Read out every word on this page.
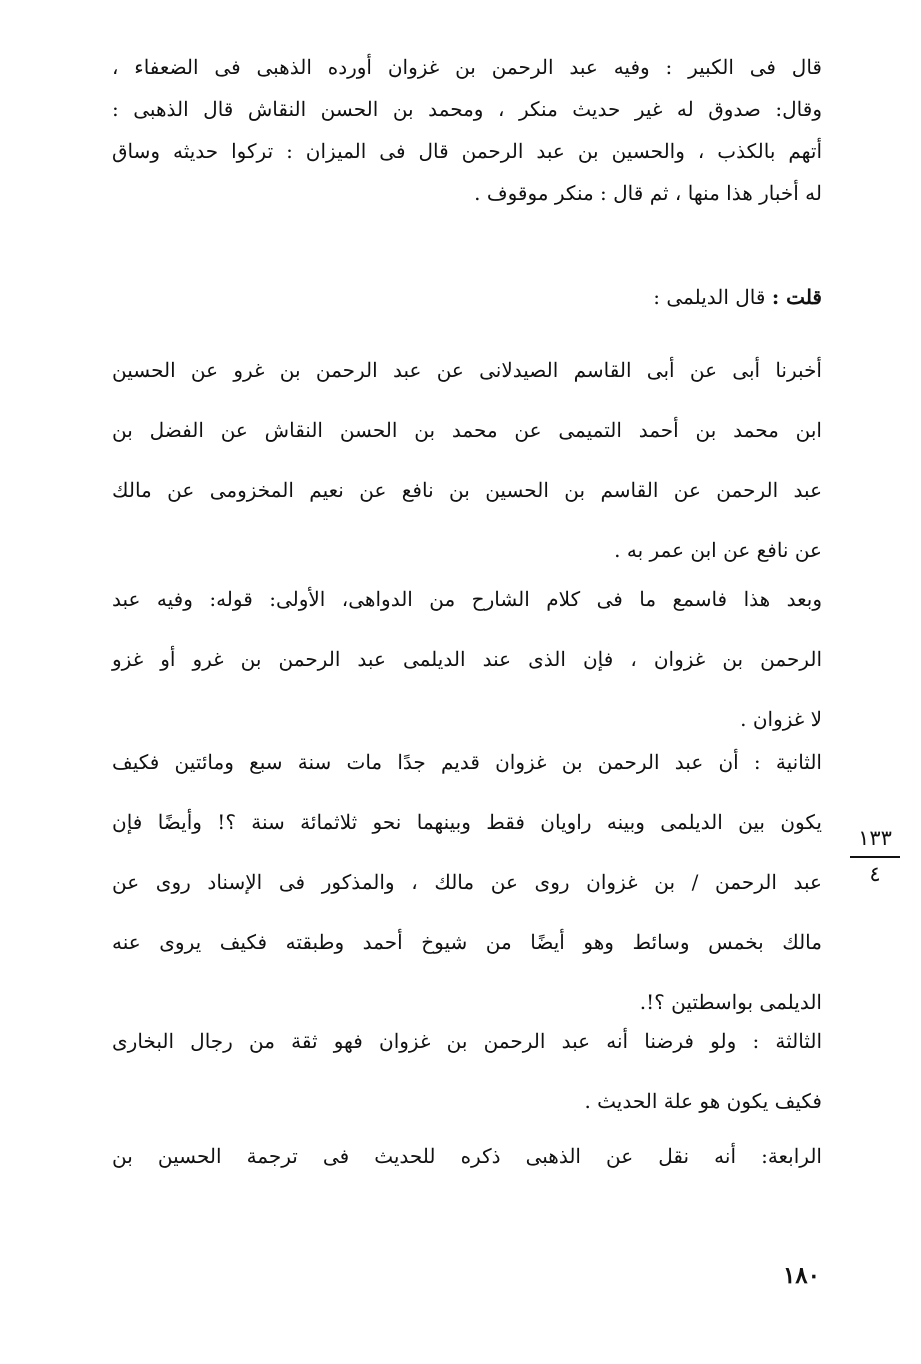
قال فى الكبير : وفيه عبد الرحمن بن غزوان أورده الذهبى فى الضعفاء ،
وقال: صدوق له غير حديث منكر ، ومحمد بن الحسن النقاش قال الذهبى :
أتهم بالكذب ، والحسين بن عبد الرحمن قال فى الميزان : تركوا حديثه وساق
له أخبار هذا منها ، ثم قال : منكر موقوف .
قلت : قال الديلمى :
أخبرنا أبى عن أبى القاسم الصيدلانى عن عبد الرحمن بن غرو عن الحسين
ابن محمد بن أحمد التميمى عن محمد بن الحسن النقاش عن الفضل بن
عبد الرحمن عن القاسم بن الحسين بن نافع عن نعيم المخزومى عن مالك
عن نافع عن ابن عمر به .
وبعد هذا فاسمع ما فى كلام الشارح من الدواهى، الأولى: قوله: وفيه عبد
الرحمن بن غزوان ، فإن الذى عند الديلمى عبد الرحمن بن غرو أو غزو
لا غزوان .
الثانية : أن عبد الرحمن بن غزوان قديم جدًا مات سنة سبع ومائتين فكيف
يكون بين الديلمى وبينه راويان فقط وبينهما نحو ثلاثمائة سنة ؟! وأيضًا فإن
عبد الرحمن / بن غزوان روى عن مالك ، والمذكور فى الإسناد روى عن
مالك بخمس وسائط وهو أيضًا من شيوخ أحمد وطبقته فكيف يروى عنه
الديلمى بواسطتين ؟!.
الثالثة : ولو فرضنا أنه عبد الرحمن بن غزوان فهو ثقة من رجال البخارى
فكيف يكون هو علة الحديث .
الرابعة: أنه نقل عن الذهبى ذكره للحديث فى ترجمة الحسين بن
١٣٣
٤
١٨٠
